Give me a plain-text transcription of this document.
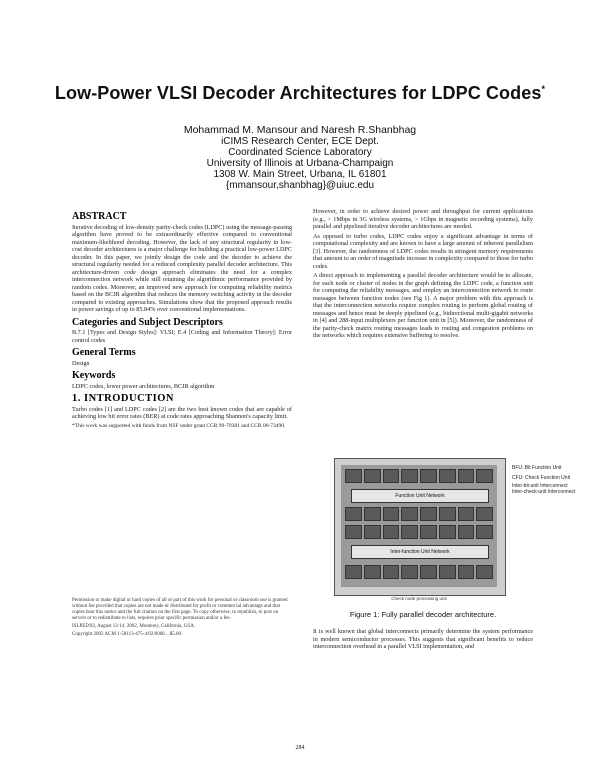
Low-Power VLSI Decoder Architectures for LDPC Codes*
Mohammad M. Mansour and Naresh R.Shanbhag
iCIMS Research Center, ECE Dept.
Coordinated Science Laboratory
University of Illinois at Urbana-Champaign
1308 W. Main Street, Urbana, IL 61801
{mmansour,shanbhag}@uiuc.edu
ABSTRACT

Iterative decoding of low-density parity-check codes (LDPC) using the message-passing algorithm have proved to be extraordinarily effective compared to conventional maximum-likelihood decoding. However, the lack of any structural regularity in low-cost decoder architectures is a major challenge for building a practical low-power LDPC decoder. In this paper, we jointly design the code and the decoder to achieve the structural regularity needed for a reduced complexity parallel decoder architecture. This architecture-driven code design approach eliminates the need for a complex interconnection network while still retaining the algorithmic performance provided by random codes. Moreover, an improved new approach for computing reliability metrics based on the BCJR algorithm that reduces the memory switching activity in the decoder compared to existing approaches. Simulations show that the proposed approach results in power savings of up to 85.84% over conventional implementations.

Categories and Subject Descriptors

B.7.1 [Types and Design Styles]: VLSI; E.4 [Coding and Information Theory]: Error control codes

General Terms

Design

Keywords

LDPC codes, lower power architectures, BCJR algorithm

1. INTRODUCTION

Turbo codes [1] and LDPC codes [2] are the two best known codes that are capable of achieving low bit error rates (BER) at code rates approaching Shannon's capacity limit.

*This work was supported with funds from NSF under grant CCR 99-79381 and CCR 00-73490.

Permission to make digital or hard copies of all or part of this work for personal or classroom use is granted without fee provided that copies are not made or distributed for profit or commercial advantage and that copies bear this notice and the full citation on the first page. To copy otherwise, to republish, to post on servers or to redistribute to lists, requires prior specific permission and/or a fee.

ISLPED'02, August 12-14, 2002, Monterey, California, USA.

Copyright 2002 ACM 1-58113-475-4/02/0008 ...$5.00.

However, in order to achieve desired power and throughput for current applications (e.g., > 1Mbps in 3G wireless systems, > 1Gbps in magnetic recording systems), fully parallel and pipelined iterative decoder architectures are needed.

As opposed to turbo codes, LDPC codes enjoy a significant advantage in terms of computational complexity and are known to have a large amount of inherent parallelism [3]. However, the randomness of LDPC codes results in stringent memory requirements that amount to an order of magnitude increase in complexity compared to those for turbo codes.

A direct approach to implementing a parallel decoder architecture would be to allocate, for each node or cluster of nodes in the graph defining the LDPC code, a function unit for computing the reliability messages, and employ an interconnection network to route messages between function nodes (see Fig 1). A major problem with this approach is that the interconnection networks require complex routing to perform global routing of messages and hence must be deeply pipelined (e.g., bidirectional multi-gigabit networks in [4] and 288-input multiplexers per function unit in [5]). Moreover, the randomness of the parity-check matrix routing messages leads to routing and congestion problems on the networks which requires extensive buffering to resolve.

Function Unit Network
Inter-function Unit Network
BFU: Bit Function Unit
CFU: Check Function Unit
Inter-bit-unit Interconnect
Inter-check-unit Interconnect
Check node processing unit
Figure 1: Fully parallel decoder architecture.

It is well known that global interconnects primarily determine the system performance in modern semiconductor processes. This suggests that significant benefits to reduce interconnection overhead in a parallel VLSI implementation, and

284
